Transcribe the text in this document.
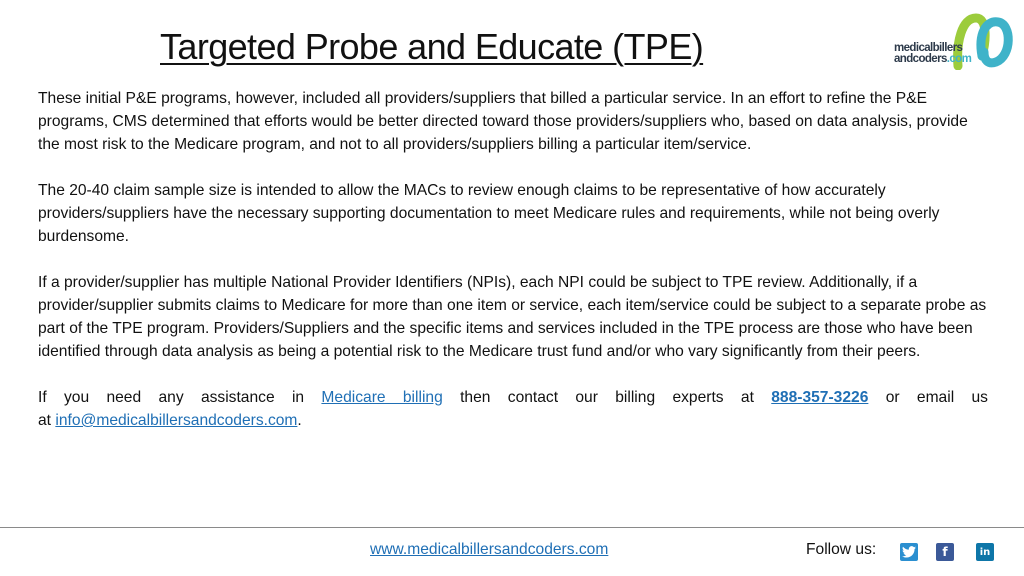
Targeted Probe and Educate (TPE)	medicalbillers
andcoders.com

These initial P&E programs, however, included all providers/suppliers that billed a particular service. In an effort to refine the P&E programs, CMS determined that efforts would be better directed toward those providers/suppliers who, based on data analysis, provide the most risk to the Medicare program, and not to all providers/suppliers billing a particular item/service.

The 20-40 claim sample size is intended to allow the MACs to review enough claims to be representative of how accurately providers/suppliers have the necessary supporting documentation to meet Medicare rules and requirements, while not being overly burdensome.

If a provider/supplier has multiple National Provider Identifiers (NPIs), each NPI could be subject to TPE review. Additionally, if a provider/supplier submits claims to Medicare for more than one item or service, each item/service could be subject to a separate probe as part of the TPE program. Providers/Suppliers and the specific items and services included in the TPE process are those who have been identified through data analysis as being a potential risk to the Medicare trust fund and/or who vary significantly from their peers.

If you need any assistance in Medicare billing then contact our billing experts at 888-357-3226 or email us

at info@medicalbillersandcoders.com.

www.medicalbillersandcoders.com	Follow us:	f	in
